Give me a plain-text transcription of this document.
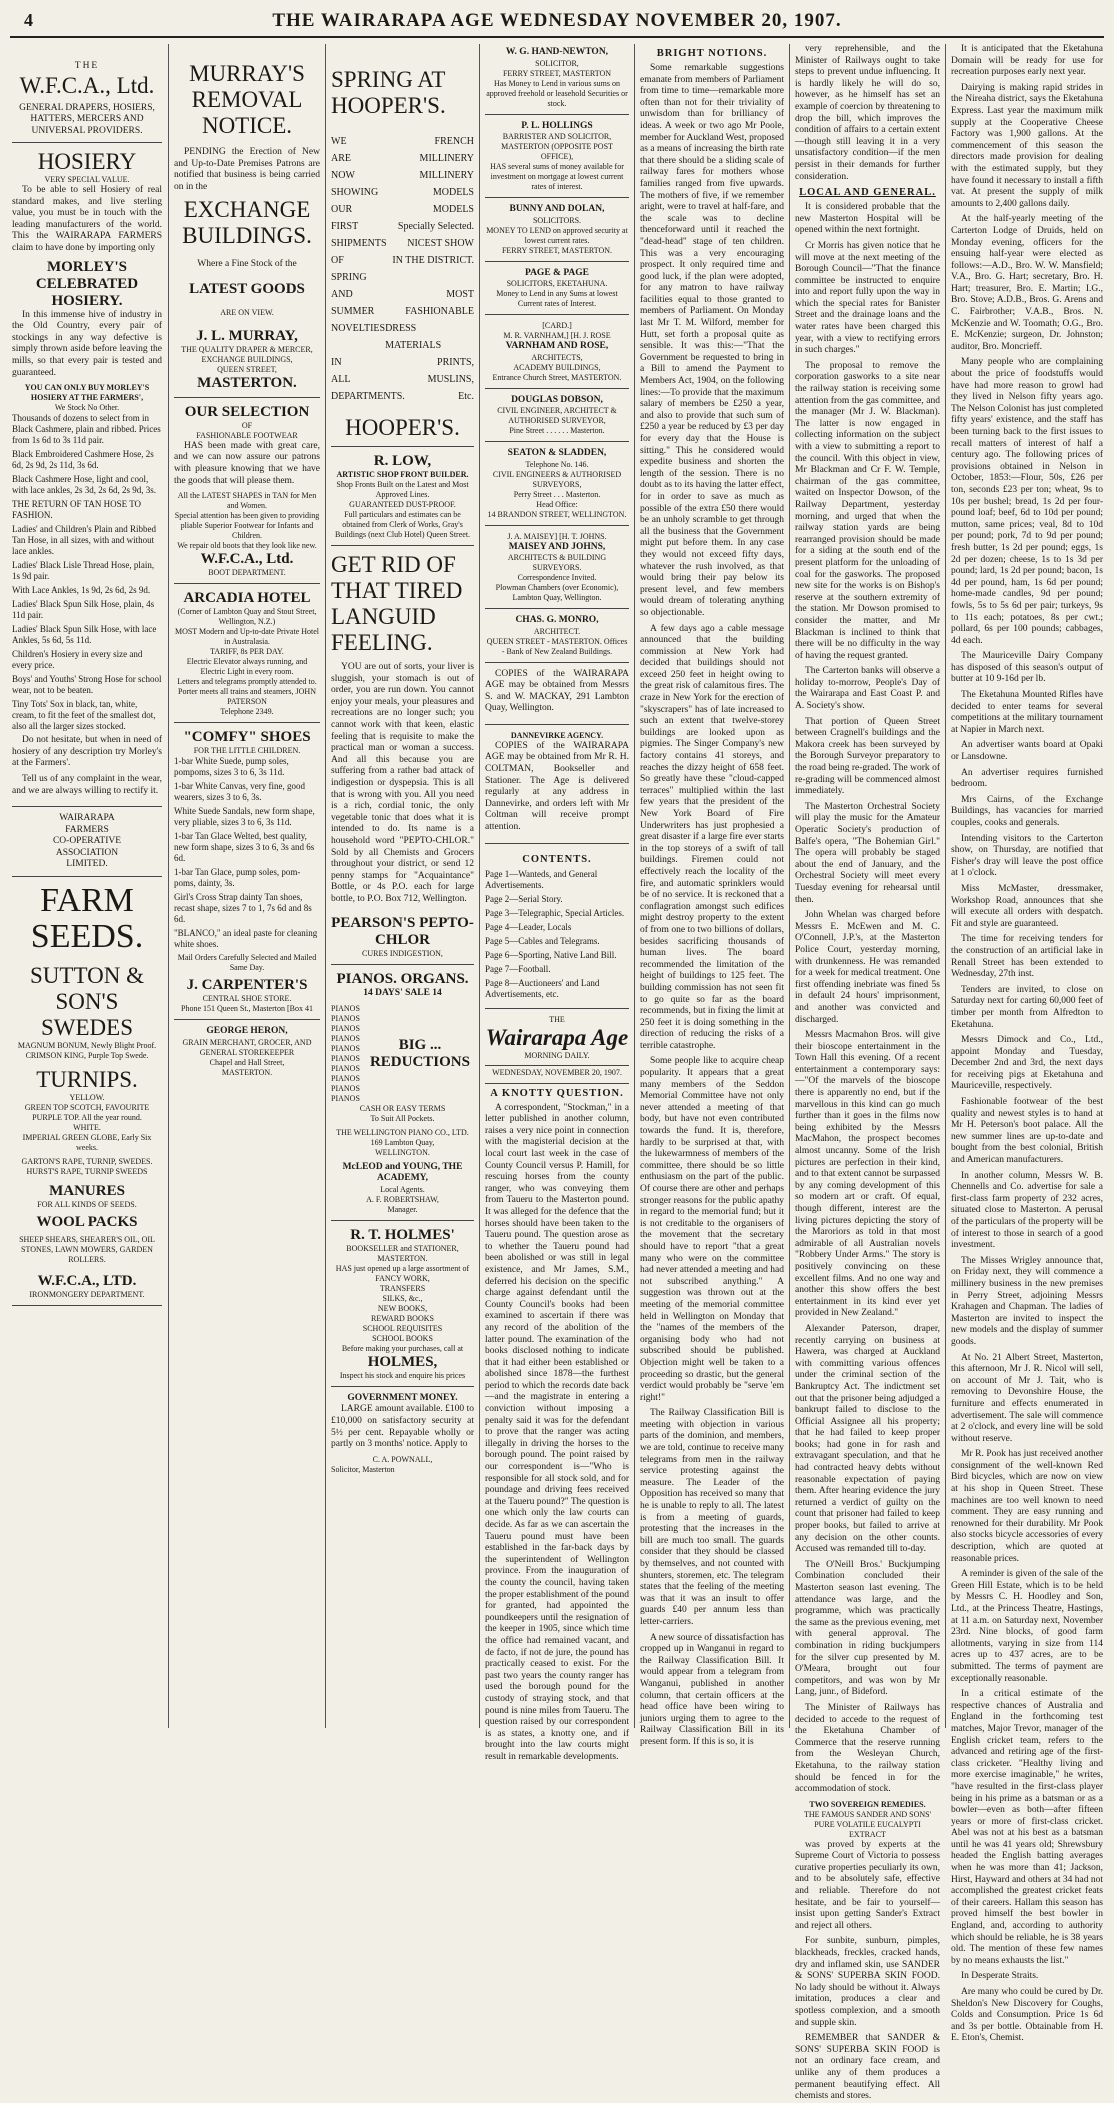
4	THE WAIRARAPA AGE WEDNESDAY NOVEMBER 20, 1907.
THE
W.F.C.A., Ltd.
GENERAL DRAPERS, HOSIERS, HATTERS, MERCERS AND UNIVERSAL PROVIDERS.
HOSIERY
VERY SPECIAL VALUE.

To be able to sell Hosiery of real standard makes, and live sterling value, you must be in touch with the leading manufacturers of the world. This the WAIRARAPA FARMERS claim to have done by importing only

MORLEY'S CELEBRATED HOSIERY.

In this immense hive of industry in the Old Country, every pair of stockings in any way defective is simply thrown aside before leaving the mills, so that every pair is tested and guaranteed.

YOU CAN ONLY BUY MORLEY'S HOSIERY AT THE FARMERS',
We Stock No Other.
Thousands of dozens to select from in Black Cashmere, plain and ribbed. Prices from 1s 6d to 3s 11d pair.
Black Embroidered Cashmere Hose, 2s 6d, 2s 9d, 2s 11d, 3s 6d.
Black Cashmere Hose, light and cool, with lace ankles, 2s 3d, 2s 6d, 2s 9d, 3s.
THE RETURN OF TAN HOSE TO FASHION.
Ladies' and Children's Plain and Ribbed Tan Hose, in all sizes, with and without lace ankles.
Ladies' Black Lisle Thread Hose, plain, 1s 9d pair.
With Lace Ankles, 1s 9d, 2s 6d, 2s 9d.
Ladies' Black Spun Silk Hose, plain, 4s 11d pair.
Ladies' Black Spun Silk Hose, with lace Ankles, 5s 6d, 5s 11d.
Children's Hosiery in every size and every price.
Boys' and Youths' Strong Hose for school wear, not to be beaten.
Tiny Tots' Sox in black, tan, white, cream, to fit the feet of the smallest dot, also all the larger sizes stocked.

Do not hesitate, but when in need of hosiery of any description try Morley's at the Farmers'.

Tell us of any complaint in the wear, and we are always willing to rectify it.

WAIRARAPA
FARMERS
CO-OPERATIVE
ASSOCIATION
LIMITED.
FARM SEEDS.
SUTTON & SON'S SWEDES
MAGNUM BONUM, Newly Blight Proof. CRIMSON KING, Purple Top Swede.
TURNIPS.
YELLOW.
GREEN TOP SCOTCH, FAVOURITE PURPLE TOP. All the year round.
WHITE.
IMPERIAL GREEN GLOBE, Early Six weeks.
GARTON'S RAPE, TURNIP, SWEDES. HURST'S RAPE, TURNIP SWEEDS
MANURES
FOR ALL KINDS OF SEEDS.
WOOL PACKS
SHEEP SHEARS, SHEARER'S OIL, OIL STONES, LAWN MOWERS, GARDEN ROLLERS.
W.F.C.A., LTD.
IRONMONGERY DEPARTMENT.
MURRAY'S REMOVAL NOTICE.

PENDING the Erection of New and Up-to-Date Premises Patrons are notified that business is being carried on in the

EXCHANGE BUILDINGS.
Where a Fine Stock of the
LATEST GOODS
ARE ON VIEW.
J. L. MURRAY,
THE QUALITY DRAPER & MERCER,
EXCHANGE BUILDINGS,
QUEEN STREET,
MASTERTON.
OUR SELECTION
OF
FASHIONABLE FOOTWEAR

HAS been made with great care, and we can now assure our patrons with pleasure knowing that we have the goods that will please them.

All the LATEST SHAPES in TAN for Men and Women.
Special attention has been given to providing pliable Superior Footwear for Infants and Children.
We repair old boots that they look like new.
W.F.C.A., Ltd.
BOOT DEPARTMENT.
ARCADIA HOTEL
(Corner of Lambton Quay and Stout Street, Wellington, N.Z.)
MOST Modern and Up-to-date Private Hotel in Australasia.
TARIFF, 8s PER DAY.
Electric Elevator always running, and Electric Light in every room.
Letters and telegrams promptly attended to.
Porter meets all trains and steamers, JOHN PATERSON
Telephone 2349.
"COMFY" SHOES
FOR THE LITTLE CHILDREN.
1-bar White Suede, pump soles, pompoms, sizes 3 to 6, 3s 11d.
1-bar White Canvas, very fine, good wearers, sizes 3 to 6, 3s.
White Suede Sandals, new form shape, very pliable, sizes 3 to 6, 3s 11d.
1-bar Tan Glace Welted, best quality, new form shape, sizes 3 to 6, 3s and 6s 6d.
1-bar Tan Glace, pump soles, pom-poms, dainty, 3s.
Girl's Cross Strap dainty Tan shoes, recast shape, sizes 7 to 1, 7s 6d and 8s 6d.
"BLANCO," an ideal paste for cleaning white shoes.
Mail Orders Carefully Selected and Mailed Same Day.
J. CARPENTER'S
CENTRAL SHOE STORE.
Phone 151 Queen St., Masterton [Box 41
GEORGE HERON,
GRAIN MERCHANT, GROCER, AND GENERAL STOREKEEPER
Chapel and Hall Street,
MASTERTON.
SPRING AT HOOPER'S.
WE	FRENCH
ARE	MILLINERY
NOW	MILLINERY
SHOWING	MODELS
OUR	MODELS
FIRST	Specially Selected.
SHIPMENTS NICEST SHOW
OF	IN THE DISTRICT.
SPRING
AND	MOST
SUMMER	FASHIONABLE
NOVELTIES DRESS MATERIALS
IN	PRINTS,
ALL	MUSLINS,
DEPARTMENTS.	Etc.
HOOPER'S.
R. LOW,
ARTISTIC SHOP FRONT BUILDER.
Shop Fronts Built on the Latest and Most Approved Lines.
GUARANTEED DUST-PROOF.
Full particulars and estimates can be obtained from Clerk of Works, Gray's Buildings (next Club Hotel) Queen Street.
GET RID OF THAT TIRED LANGUID FEELING.

YOU are out of sorts, your liver is sluggish, your stomach is out of order, you are run down. You cannot enjoy your meals, your pleasures and recreations are no longer such; you cannot work with that keen, elastic feeling that is requisite to make the practical man or woman a success. And all this because you are suffering from a rather bad attack of indigestion or dyspepsia. This is all that is wrong with you. All you need is a rich, cordial tonic, the only vegetable tonic that does what it is intended to do. Its name is a household word "PEPTO-CHLOR." Sold by all Chemists and Grocers throughout your district, or send 12 penny stamps for "Acquaintance" Bottle, or 4s P.O. each for large bottle, to P.O. Box 712, Wellington.

PEARSON'S PEPTO-CHLOR
CURES INDIGESTION,
PIANOS. ORGANS.
14 DAYS' SALE 14
PIANOS
PIANOS
PIANOS
PIANOS
PIANOS
PIANOS
PIANOS
PIANOS
PIANOS
PIANOS
BIG ... REDUCTIONS
CASH OR EASY TERMS
To Suit All Pockets.
THE WELLINGTON PIANO CO., LTD.
169 Lambton Quay,
WELLINGTON.
McLEOD and YOUNG, THE ACADEMY,
Local Agents.
A. F. ROBERTSHAW,
Manager.
R. T. HOLMES'
BOOKSELLER and STATIONER, MASTERTON.
HAS just opened up a large assortment of
FANCY WORK,
TRANSFERS
SILKS, &c.,
NEW BOOKS,
REWARD BOOKS
SCHOOL REQUISITES
SCHOOL BOOKS
Before making your purchases, call at
HOLMES,
Inspect his stock and enquire his prices
GOVERNMENT MONEY.

LARGE amount available. £100 to £10,000 on satisfactory security at 5½ per cent. Repayable wholly or partly on 3 months' notice. Apply to

C. A. POWNALL,
Solicitor, Masterton
W. G. HAND-NEWTON,
SOLICITOR,
FERRY STREET, MASTERTON
Has Money to Lend in various sums on approved freehold or leasehold Securities or stock.
P. L. HOLLINGS
BARRISTER AND SOLICITOR,
MASTERTON (OPPOSITE POST OFFICE),
HAS several sums of money available for investment on mortgage at lowest current rates of interest.
BUNNY AND DOLAN,
SOLICITORS.
MONEY TO LEND on approved security at lowest current rates.
FERRY STREET, MASTERTON.
PAGE & PAGE
SOLICITORS, EKETAHUNA.
Money to Lend in any Sums at lowest Current rates of Interest.
[CARD.]
M. R. VARNHAM,] [H. J. ROSE
VARNHAM AND ROSE,
ARCHITECTS,
ACADEMY BUILDINGS,
Entrance Church Street, MASTERTON.
DOUGLAS DOBSON,
CIVIL ENGINEER, ARCHITECT & AUTHORISED SURVEYOR,
Pine Street . . . . . . Masterton.
SEATON & SLADDEN,
Telephone No. 146.
CIVIL ENGINEERS & AUTHORISED SURVEYORS,
Perry Street . . . Masterton.
Head Office:
14 BRANDON STREET, WELLINGTON.
J. A. MAISEY] [H. T. JOHNS.
MAISEY AND JOHNS,
ARCHITECTS & BUILDING SURVEYORS.
Correspondence Invited.
Plowman Chambers (over Economic), Lambton Quay, Wellington.
CHAS. G. MONRO,
ARCHITECT.
QUEEN STREET - MASTERTON. Offices - Bank of New Zealand Buildings.

COPIES of the WAIRARAPA AGE may be obtained from Messrs S. and W. MACKAY, 291 Lambton Quay, Wellington.

DANNEVIRKE AGENCY.

COPIES of the WAIRARAPA AGE may be obtained from Mr R. H. COLTMAN, Bookseller and Stationer. The Age is delivered regularly at any address in Dannevirke, and orders left with Mr Coltman will receive prompt attention.

CONTENTS.
Page 1—Wanteds, and General Advertisements.
Page 2—Serial Story.
Page 3—Telegraphic, Special Articles.
Page 4—Leader, Locals
Page 5—Cables and Telegrams.
Page 6—Sporting, Native Land Bill.
Page 7—Football.
Page 8—Auctioneers' and Land Advertisements, etc.
THE
Wairarapa Age
MORNING DAILY.
WEDNESDAY, NOVEMBER 20, 1907.
A KNOTTY QUESTION.

A correspondent, "Stockman," in a letter published in another column, raises a very nice point in connection with the magisterial decision at the local court last week in the case of County Council versus P. Hamill, for rescuing horses from the county ranger, who was conveying them from Taueru to the Masterton pound. It was alleged for the defence that the horses should have been taken to the Taueru pound. The question arose as to whether the Taueru pound had been abolished or was still in legal existence, and Mr James, S.M., deferred his decision on the specific charge against defendant until the County Council's books had been examined to ascertain if there was any record of the abolition of the latter pound. The examination of the books disclosed nothing to indicate that it had either been established or abolished since 1878—the furthest period to which the records date back—and the magistrate in entering a conviction without imposing a penalty said it was for the defendant to prove that the ranger was acting illegally in driving the horses to the borough pound. The point raised by our correspondent is—"Who is responsible for all stock sold, and for poundage and driving fees received at the Taueru pound?" The question is one which only the law courts can decide. As far as we can ascertain the Taueru pound must have been established in the far-back days by the superintendent of Wellington province. From the inauguration of the county the council, having taken the proper establishment of the pound for granted, had appointed the poundkeepers until the resignation of the keeper in 1905, since which time the office had remained vacant, and de facto, if not de jure, the pound has practically ceased to exist. For the past two years the county ranger has used the borough pound for the custody of straying stock, and that pound is nine miles from Taueru. The question raised by our correspondent is as states, a knotty one, and if brought into the law courts might result in remarkable developments.

BRIGHT NOTIONS.

Some remarkable suggestions emanate from members of Parliament from time to time—remarkable more often than not for their triviality of unwisdom than for brilliancy of ideas. A week or two ago Mr Poole, member for Auckland West, proposed as a means of increasing the birth rate that there should be a sliding scale of railway fares for mothers whose families ranged from five upwards. The mothers of five, if we remember aright, were to travel at half-fare, and the scale was to decline thenceforward until it reached the "dead-head" stage of ten children. This was a very encouraging prospect. It only required time and good luck, if the plan were adopted, for any matron to have railway facilities equal to those granted to members of Parliament. On Monday last Mr T. M. Wilford, member for Hutt, set forth a proposal quite as sensible. It was this:—"That the Government be requested to bring in a Bill to amend the Payment to Members Act, 1904, on the following lines:—To provide that the maximum salary of members be £250 a year, and also to provide that such sum of £250 a year be reduced by £3 per day for every day that the House is sitting." This he considered would expedite business and shorten the length of the session. There is no doubt as to its having the latter effect, for in order to save as much as possible of the extra £50 there would be an unholy scramble to get through all the business that the Government might put before them. In any case they would not exceed fifty days, whatever the rush involved, as that would bring their pay below its present level, and few members would dream of tolerating anything so objectionable.

A few days ago a cable message announced that the building commission at New York had decided that buildings should not exceed 250 feet in height owing to the great risk of calamitous fires. The craze in New York for the erection of "skyscrapers" has of late increased to such an extent that twelve-storey buildings are looked upon as pigmies. The Singer Company's new factory contains 41 storeys, and reaches the dizzy height of 658 feet. So greatly have these "cloud-capped terraces" multiplied within the last few years that the president of the New York Board of Fire Underwriters has just prophesied a great disaster if a large fire ever starts in the top storeys of a swift of tall buildings. Firemen could not effectively reach the locality of the fire, and automatic sprinklers would be of no service. It is reckoned that a conflagration amongst such edifices might destroy property to the extent of from one to two billions of dollars, besides sacrificing thousands of human lives. The board recommended the limitation of the height of buildings to 125 feet. The building commission has not seen fit to go quite so far as the board recommends, but in fixing the limit at 250 feet it is doing something in the direction of reducing the risks of a terrible catastrophe.

Some people like to acquire cheap popularity. It appears that a great many members of the Seddon Memorial Committee have not only never attended a meeting of that body, but have not even contributed towards the fund. It is, therefore, hardly to be surprised at that, with the lukewarmness of members of the committee, there should be so little enthusiasm on the part of the public. Of course there are other and perhaps stronger reasons for the public apathy in regard to the memorial fund; but it is not creditable to the organisers of the movement that the secretary should have to report "that a great many who were on the committee had never attended a meeting and had not subscribed anything." A suggestion was thrown out at the meeting of the memorial committee held in Wellington on Monday that the "names of the members of the organising body who had not subscribed should be published. Objection might well be taken to a proceeding so drastic, but the general verdict would probably be "serve 'em right!"

The Railway Classification Bill is meeting with objection in various parts of the dominion, and members, we are told, continue to receive many telegrams from men in the railway service protesting against the measure. The Leader of the Opposition has received so many that he is unable to reply to all. The latest is from a meeting of guards, protesting that the increases in the bill are much too small. The guards consider that they should be classed by themselves, and not counted with shunters, storemen, etc. The telegram states that the feeling of the meeting was that it was an insult to offer guards £40 per annum less than letter-carriers.

A new source of dissatisfaction has cropped up in Wanganui in regard to the Railway Classification Bill. It would appear from a telegram from Wanganui, published in another column, that certain officers at the head office have been wiring to juniors urging them to agree to the Railway Classification Bill in its present form. If this is so, it is

very reprehensible, and the Minister of Railways ought to take steps to prevent undue influencing. It is hardly likely he will do so, however, as he himself has set an example of coercion by threatening to drop the bill, which improves the condition of affairs to a certain extent—though still leaving it in a very unsatisfactory condition—if the men persist in their demands for further consideration.

LOCAL AND GENERAL.

It is considered probable that the new Masterton Hospital will be opened within the next fortnight.

Cr Morris has given notice that he will move at the next meeting of the Borough Council—"That the finance committee be instructed to enquire into and report fully upon the way in which the special rates for Banister Street and the drainage loans and the water rates have been charged this year, with a view to rectifying errors in such charges."

The proposal to remove the corporation gasworks to a site near the railway station is receiving some attention from the gas committee, and the manager (Mr J. W. Blackman). The latter is now engaged in collecting information on the subject with a view to submitting a report to the council. With this object in view, Mr Blackman and Cr F. W. Temple, chairman of the gas committee, waited on Inspector Dowson, of the Railway Department, yesterday morning, and urged that when the railway station yards are being rearranged provision should be made for a siding at the south end of the present platform for the unloading of coal for the gasworks. The proposed new site for the works is on Bishop's reserve at the southern extremity of the station. Mr Dowson promised to consider the matter, and Mr Blackman is inclined to think that there will be no difficulty in the way of having the request granted.

The Carterton banks will observe a holiday to-morrow, People's Day of the Wairarapa and East Coast P. and A. Society's show.

That portion of Queen Street between Cragnell's buildings and the Makora creek has been surveyed by the Borough Surveyor preparatory to the road being re-graded. The work of re-grading will be commenced almost immediately.

The Masterton Orchestral Society will play the music for the Amateur Operatic Society's production of Balfe's opera, "The Bohemian Girl." The opera will probably be staged about the end of January, and the Orchestral Society will meet every Tuesday evening for rehearsal until then.

John Whelan was charged before Messrs E. McEwen and M. C. O'Connell, J.P.'s, at the Masterton Police Court, yesterday morning, with drunkenness. He was remanded for a week for medical treatment. One first offending inebriate was fined 5s in default 24 hours' imprisonment, and another was convicted and discharged.

Messrs Macmahon Bros. will give their bioscope entertainment in the Town Hall this evening. Of a recent entertainment a contemporary says:—"Of the marvels of the bioscope there is apparently no end, but if the marvellous in this kind can go much further than it goes in the films now being exhibited by the Messrs MacMahon, the prospect becomes almost uncanny. Some of the Irish pictures are perfection in their kind, and to that extent cannot be surpassed by any coming development of this so modern art or craft. Of equal, though different, interest are the living pictures depicting the story of the Maroriors as told in that most admirable of all Australian novels "Robbery Under Arms." The story is positively convincing on these excellent films. And no one way and another this show offers the best entertainment in its kind ever yet provided in New Zealand."

Alexander Paterson, draper, recently carrying on business at Hawera, was charged at Auckland with committing various offences under the criminal section of the Bankruptcy Act. The indictment set out that the prisoner being adjudged a bankrupt failed to disclose to the Official Assignee all his property; that he had failed to keep proper books; had gone in for rash and extravagant speculation, and that he had contracted heavy debts without reasonable expectation of paying them. After hearing evidence the jury returned a verdict of guilty on the count that prisoner had failed to keep proper books, but failed to arrive at any decision on the other counts. Accused was remanded till to-day.

The O'Neill Bros.' Buckjumping Combination concluded their Masterton season last evening. The attendance was large, and the programme, which was practically the same as the previous evening, met with general approval. The combination in riding buckjumpers for the silver cup presented by M. O'Meara, brought out four competitors, and was won by Mr Lang, junr., of Bideford.

The Minister of Railways has decided to accede to the request of the Eketahuna Chamber of Commerce that the reserve running from the Wesleyan Church, Eketahuna, to the railway station should be fenced in for the accommodation of stock.

TWO SOVEREIGN REMEDIES.
THE FAMOUS SANDER AND SONS' PURE VOLATILE EUCALYPTI EXTRACT

was proved by experts at the Supreme Court of Victoria to possess curative properties peculiarly its own, and to be absolutely safe, effective and reliable. Therefore do not hesitate, and be fair to yourself—insist upon getting Sander's Extract and reject all others.

For sunbite, sunburn, pimples, blackheads, freckles, cracked hands, dry and inflamed skin, use SANDER & SONS' SUPERBA SKIN FOOD. No lady should be without it. Always imitation, produces a clear and spotless complexion, and a smooth and supple skin.

REMEMBER that SANDER & SONS' SUPERBA SKIN FOOD is not an ordinary face cream, and unlike any of them produces a permanent beautifying effect. All chemists and stores.

It is anticipated that the Eketahuna Domain will be ready for use for recreation purposes early next year.

Dairying is making rapid strides in the Nireaha district, says the Eketahuna Express. Last year the maximum milk supply at the Cooperative Cheese Factory was 1,900 gallons. At the commencement of this season the directors made provision for dealing with the estimated supply, but they have found it necessary to install a fifth vat. At present the supply of milk amounts to 2,400 gallons daily.

At the half-yearly meeting of the Carterton Lodge of Druids, held on Monday evening, officers for the ensuing half-year were elected as follows:—A.D., Bro. W. W. Mansfield; V.A., Bro. G. Hart; secretary, Bro. H. Hart; treasurer, Bro. E. Martin; I.G., Bro. Stove; A.D.B., Bros. G. Arens and C. Fairbrother; V.A.B., Bros. N. McKenzie and W. Toomath; O.G., Bro. E. McKenzie; surgeon, Dr. Johnston; auditor, Bro. Moncrieff.

Many people who are complaining about the price of foodstuffs would have had more reason to growl had they lived in Nelson fifty years ago. The Nelson Colonist has just completed fifty years' existence, and the staff has been turning back to the first issues to recall matters of interest of half a century ago. The following prices of provisions obtained in Nelson in October, 1853:—Flour, 50s, £26 per ton, seconds £23 per ton; wheat, 9s to 10s per bushel; bread, 1s 2d per four-pound loaf; beef, 6d to 10d per pound; mutton, same prices; veal, 8d to 10d per pound; pork, 7d to 9d per pound; fresh butter, 1s 2d per pound; eggs, 1s 2d per dozen; cheese, 1s to 1s 3d per pound; lard, 1s 2d per pound; bacon, 1s 4d per pound, ham, 1s 6d per pound; home-made candles, 9d per pound; fowls, 5s to 5s 6d per pair; turkeys, 9s to 11s each; potatoes, 8s per cwt.; pollard, 6s per 100 pounds; cabbages, 4d each.

The Mauriceville Dairy Company has disposed of this season's output of butter at 10 9-16d per lb.

The Eketahuna Mounted Rifles have decided to enter teams for several competitions at the military tournament at Napier in March next.

An advertiser wants board at Opaki or Lansdowne.

An advertiser requires furnished bedroom.

Mrs Cairns, of the Exchange Buildings, has vacancies for married couples, cooks and generals.

Intending visitors to the Carterton show, on Thursday, are notified that Fisher's dray will leave the post office at 1 o'clock.

Miss McMaster, dressmaker, Workshop Road, announces that she will execute all orders with despatch. Fit and style are guaranteed.

The time for receiving tenders for the construction of an artificial lake in Renall Street has been extended to Wednesday, 27th inst.

Tenders are invited, to close on Saturday next for carting 60,000 feet of timber per month from Alfredton to Eketahuna.

Messrs Dimock and Co., Ltd., appoint Monday and Tuesday, December 2nd and 3rd, the next days for receiving pigs at Eketahuna and Mauriceville, respectively.

Fashionable footwear of the best quality and newest styles is to hand at Mr H. Peterson's boot palace. All the new summer lines are up-to-date and bought from the best colonial, British and American manufacturers.

In another column, Messrs W. B. Chennells and Co. advertise for sale a first-class farm property of 232 acres, situated close to Masterton. A perusal of the particulars of the property will be of interest to those in search of a good investment.

The Misses Wrigley announce that, on Friday next, they will commence a millinery business in the new premises in Perry Street, adjoining Messrs Krahagen and Chapman. The ladies of Masterton are invited to inspect the new models and the display of summer goods.

At No. 21 Albert Street, Masterton, this afternoon, Mr J. R. Nicol will sell, on account of Mr J. Tait, who is removing to Devonshire House, the furniture and effects enumerated in advertisement. The sale will commence at 2 o'clock, and every line will be sold without reserve.

Mr R. Pook has just received another consignment of the well-known Red Bird bicycles, which are now on view at his shop in Queen Street. These machines are too well known to need comment. They are easy running and renowned for their durability. Mr Pook also stocks bicycle accessories of every description, which are quoted at reasonable prices.

A reminder is given of the sale of the Green Hill Estate, which is to be held by Messrs C. H. Hoodley and Son, Ltd., at the Princess Theatre, Hastings, at 11 a.m. on Saturday next, November 23rd. Nine blocks, of good farm allotments, varying in size from 114 acres up to 437 acres, are to be submitted. The terms of payment are exceptionally reasonable.

In a critical estimate of the respective chances of Australia and England in the forthcoming test matches, Major Trevor, manager of the English cricket team, refers to the advanced and retiring age of the first-class cricketer. "Healthy living and more exercise imaginable," he writes, "have resulted in the first-class player being in his prime as a batsman or as a bowler—even as both—after fifteen years or more of first-class cricket. Abel was not at his best as a batsman until he was 41 years old; Shrewsbury headed the English batting averages when he was more than 41; Jackson, Hirst, Hayward and others at 34 had not accomplished the greatest cricket feats of their careers. Hallam this season has proved himself the best bowler in England, and, according to authority which should be reliable, he is 38 years old. The mention of these few names by no means exhausts the list."

In Desperate Straits.

Are many who could be cured by Dr. Sheldon's New Discovery for Coughs, Colds and Consumption. Price 1s 6d and 3s per bottle. Obtainable from H. E. Eton's, Chemist.
